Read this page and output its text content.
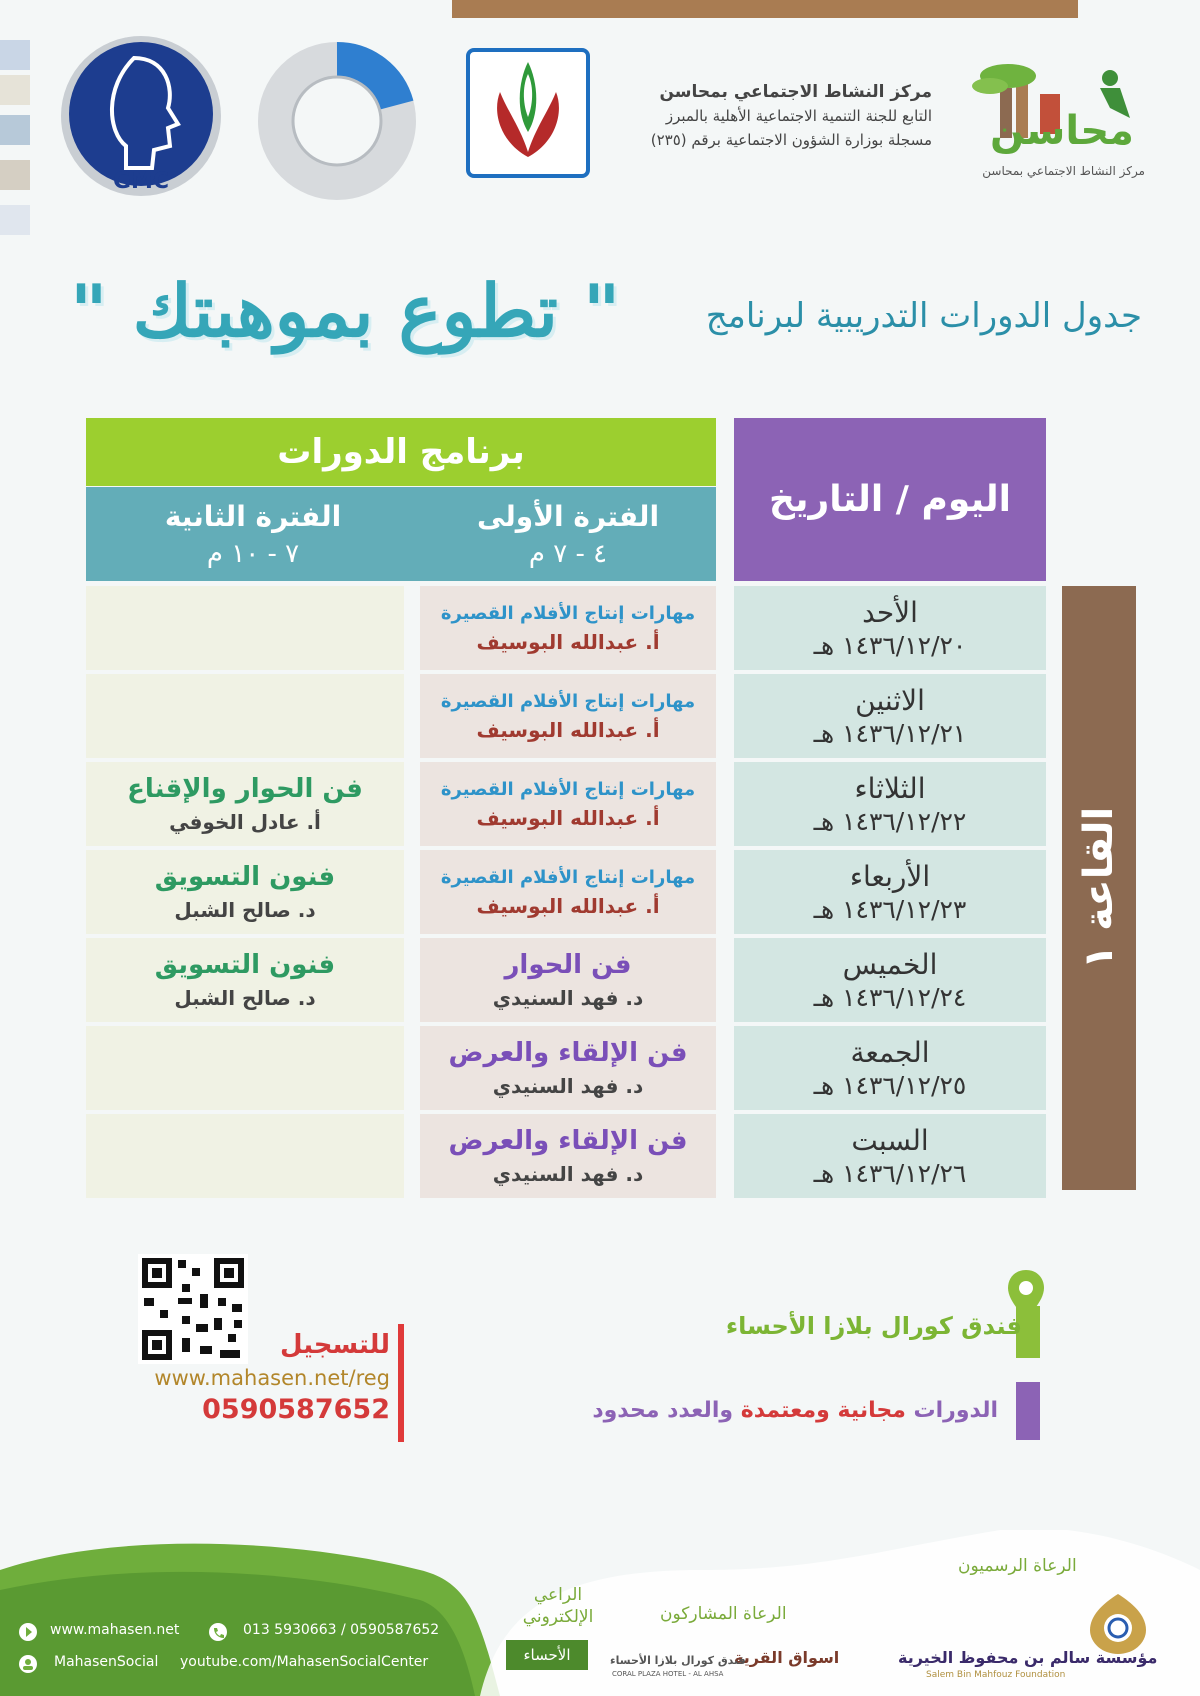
محاسن
مركز النشاط الاجتماعي بمحاسن
مركز النشاط الاجتماعي بمحاسن
التابع للجنة التنمية الاجتماعية الأهلية بالمبرز
مسجلة بوزارة الشؤون الاجتماعية برقم (٢٣٥)
GMC
جدول الدورات التدريبية لبرنامج
" تطوع بموهبتك "
اليوم / التاريخ
برنامج الدورات
الفترة الأولى
٤ - ٧ م
الفترة الثانية
٧ - ١٠ م
القاعة ١
الأحد
١٤٣٦/١٢/٢٠ هـ
مهارات إنتاج الأفلام القصيرة
أ. عبدالله البوسيف
الاثنين
١٤٣٦/١٢/٢١ هـ
مهارات إنتاج الأفلام القصيرة
أ. عبدالله البوسيف
الثلاثاء
١٤٣٦/١٢/٢٢ هـ
مهارات إنتاج الأفلام القصيرة
أ. عبدالله البوسيف
فن الحوار والإقناع
أ. عادل الخوفي
الأربعاء
١٤٣٦/١٢/٢٣ هـ
مهارات إنتاج الأفلام القصيرة
أ. عبدالله البوسيف
فنون التسويق
د. صالح الشبل
الخميس
١٤٣٦/١٢/٢٤ هـ
فن الحوار
د. فهد السنيدي
فنون التسويق
د. صالح الشبل
الجمعة
١٤٣٦/١٢/٢٥ هـ
فن الإلقاء والعرض
د. فهد السنيدي
السبت
١٤٣٦/١٢/٢٦ هـ
فن الإلقاء والعرض
د. فهد السنيدي
فندق كورال بلازا الأحساء
الدورات

مجانية ومعتمدة

والعدد محدود
للتسجيل
www.mahasen.net/reg
0590587652
www.mahasen.net	013 5930663 / 0590587652
MahasenSocial youtube.com/MahasenSocialCenter
الرعاة الرسميون
الرعاة المشاركون
الراعي الإلكتروني
مؤسسة سالم بن محفوظ الخيرية
Salem Bin Mahfouz Foundation
اسواق القرية
فندق كورال بلازا الأحساء
CORAL PLAZA HOTEL - AL AHSA
الأحساء
